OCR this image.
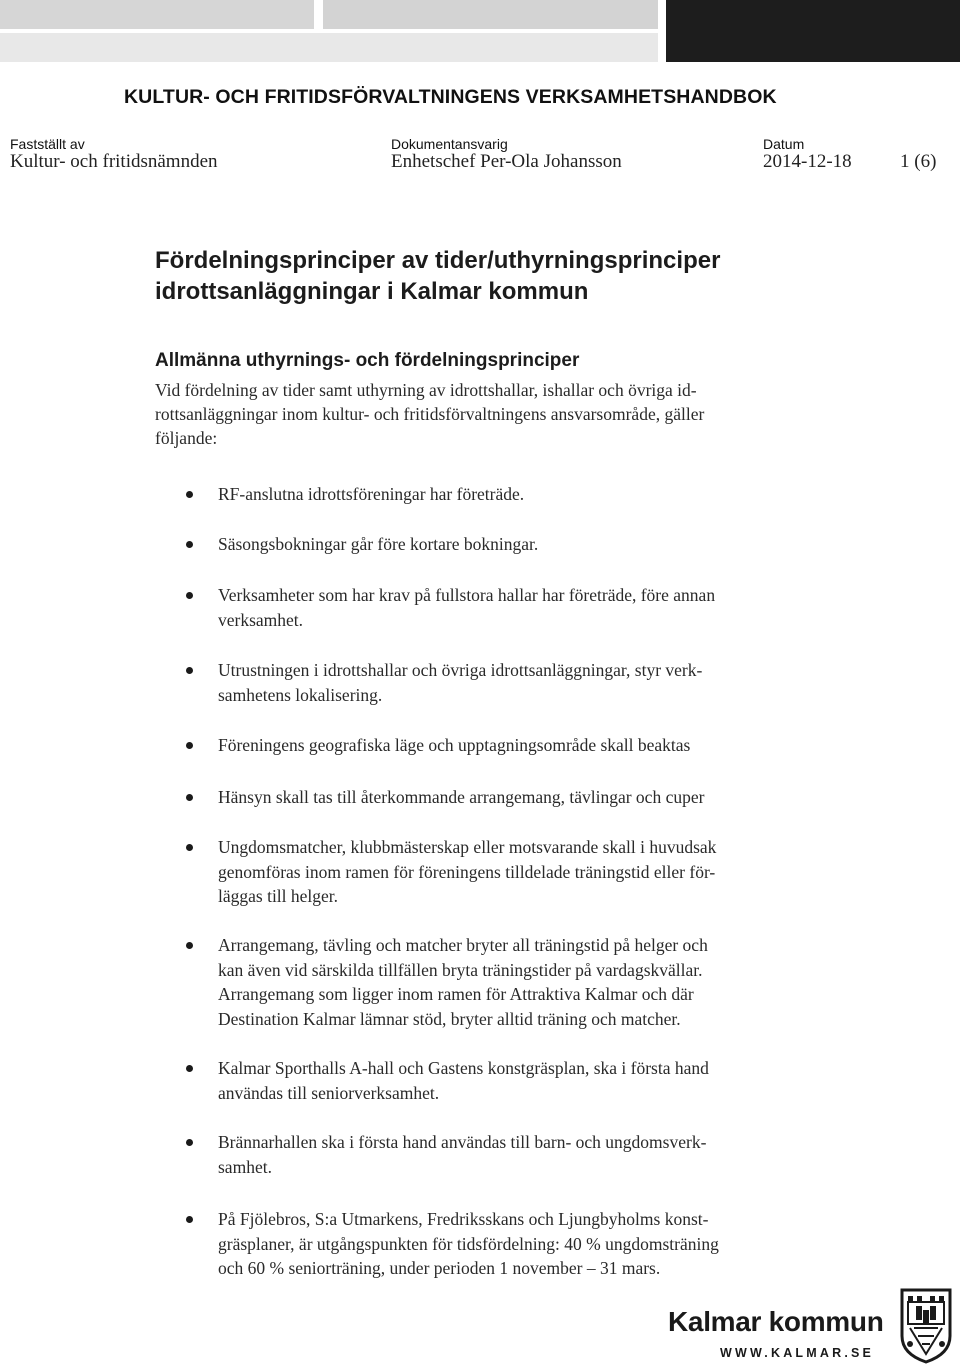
KULTUR- OCH FRITIDSFÖRVALTNINGENS VERKSAMHETSHANDBOK
Fastställt av
Kultur- och fritidsnämnden
Dokumentansvarig
Enhetschef Per-Ola Johansson
Datum
2014-12-18	1 (6)
Fördelningsprinciper av tider/uthyrningsprinciper
idrottsanläggningar i Kalmar kommun
Allmänna uthyrnings- och fördelningsprinciper

Vid fördelning av tider samt uthyrning av idrottshallar, ishallar och övriga id-
rottsanläggningar inom kultur- och fritidsförvaltningens ansvarsområde, gäller
följande:

RF-anslutna idrottsföreningar har företräde.
Säsongsbokningar går före kortare bokningar.
Verksamheter som har krav på fullstora hallar har företräde, före annan
verksamhet.
Utrustningen i idrottshallar och övriga idrottsanläggningar, styr verk-
samhetens lokalisering.
Föreningens geografiska läge och upptagningsområde skall beaktas
Hänsyn skall tas till återkommande arrangemang, tävlingar och cuper
Ungdomsmatcher, klubbmästerskap eller motsvarande skall i huvudsak
genomföras inom ramen för föreningens tilldelade träningstid eller för-
läggas till helger.
Arrangemang, tävling och matcher bryter all träningstid på helger och
kan även vid särskilda tillfällen bryta träningstider på vardagskvällar.
Arrangemang som ligger inom ramen för Attraktiva Kalmar och där
Destination Kalmar lämnar stöd, bryter alltid träning och matcher.
Kalmar Sporthalls A-hall och Gastens konstgräsplan, ska i första hand
användas till seniorverksamhet.
Brännarhallen ska i första hand användas till barn- och ungdomsverk-
samhet.
På Fjölebros, S:a Utmarkens, Fredriksskans och Ljungbyholms konst-
gräsplaner, är utgångspunkten för tidsfördelning: 40 % ungdomsträning
och 60 % seniorträning, under perioden 1 november – 31 mars.
Kalmar kommun
WWW.KALMAR.SE
